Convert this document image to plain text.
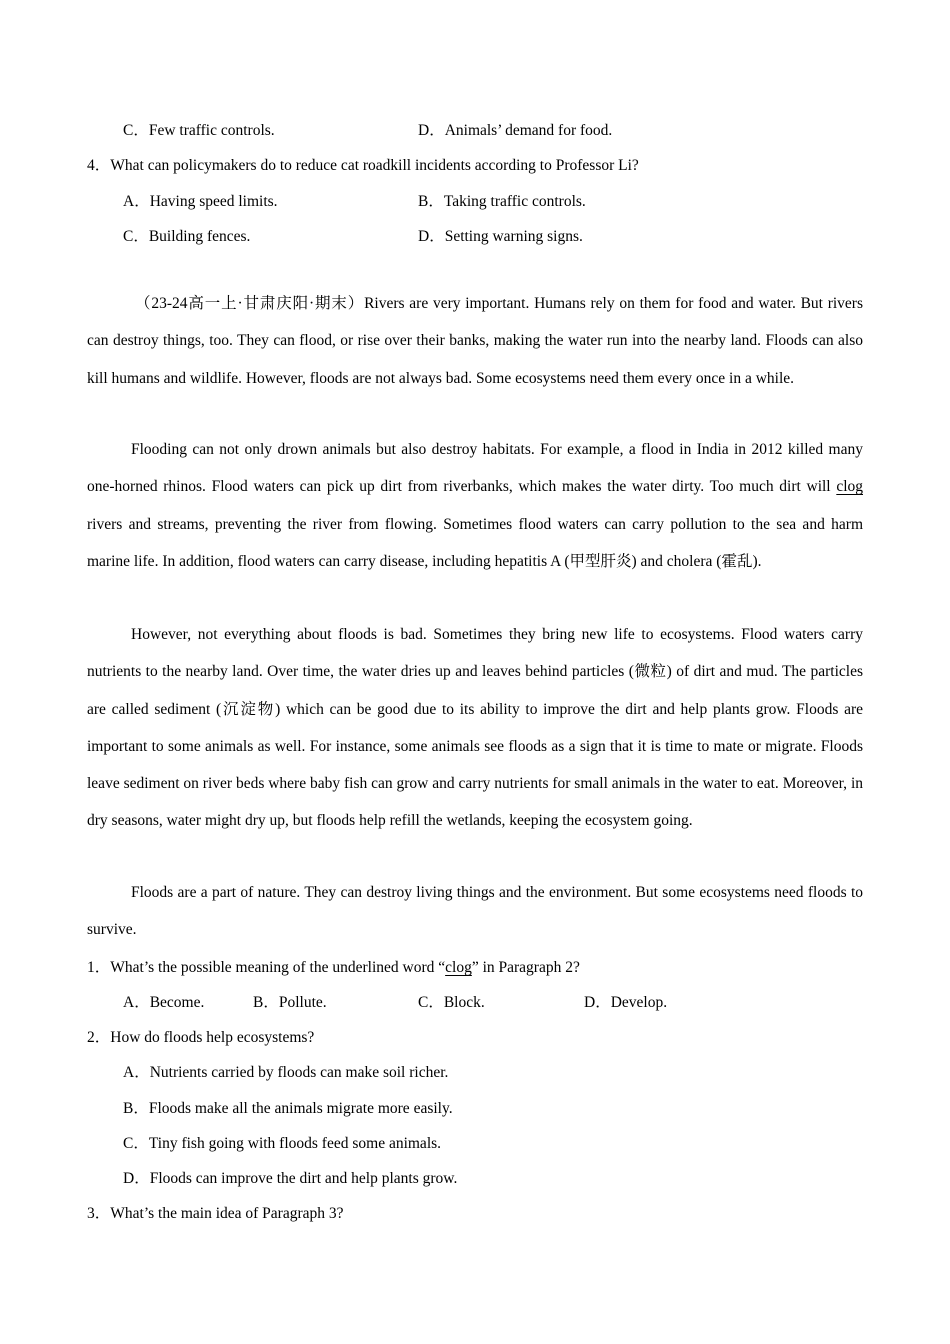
C．Few traffic controls.	D．Animals’ demand for food.
4．What can policymakers do to reduce cat roadkill incidents according to Professor Li?
A．Having speed limits.	B．Taking traffic controls.
C．Building fences.	D．Setting warning signs.

（23-24高一上·甘肃庆阳·期末）Rivers are very important. Humans rely on them for food and water. But rivers can destroy things, too. They can flood, or rise over their banks, making the water run into the nearby land. Floods can also kill humans and wildlife. However, floods are not always bad. Some ecosystems need them every once in a while.

Flooding can not only drown animals but also destroy habitats. For example, a flood in India in 2012 killed many one-horned rhinos. Flood waters can pick up dirt from riverbanks, which makes the water dirty. Too much dirt will clog rivers and streams, preventing the river from flowing. Sometimes flood waters can carry pollution to the sea and harm marine life. In addition, flood waters can carry disease, including hepatitis A (甲型肝炎) and cholera (霍乱).

However, not everything about floods is bad. Sometimes they bring new life to ecosystems. Flood waters carry nutrients to the nearby land. Over time, the water dries up and leaves behind particles (微粒) of dirt and mud. The particles are called sediment (沉淀物) which can be good due to its ability to improve the dirt and help plants grow. Floods are important to some animals as well. For instance, some animals see floods as a sign that it is time to mate or migrate. Floods leave sediment on river beds where baby fish can grow and carry nutrients for small animals in the water to eat. Moreover, in dry seasons, water might dry up, but floods help refill the wetlands, keeping the ecosystem going.

Floods are a part of nature. They can destroy living things and the environment. But some ecosystems need floods to survive.

1．What’s the possible meaning of the underlined word “clog” in Paragraph 2?
A．Become.	B．Pollute.	C．Block.	D．Develop.
2．How do floods help ecosystems?
A．Nutrients carried by floods can make soil richer.
B．Floods make all the animals migrate more easily.
C．Tiny fish going with floods feed some animals.
D．Floods can improve the dirt and help plants grow.
3．What’s the main idea of Paragraph 3?
